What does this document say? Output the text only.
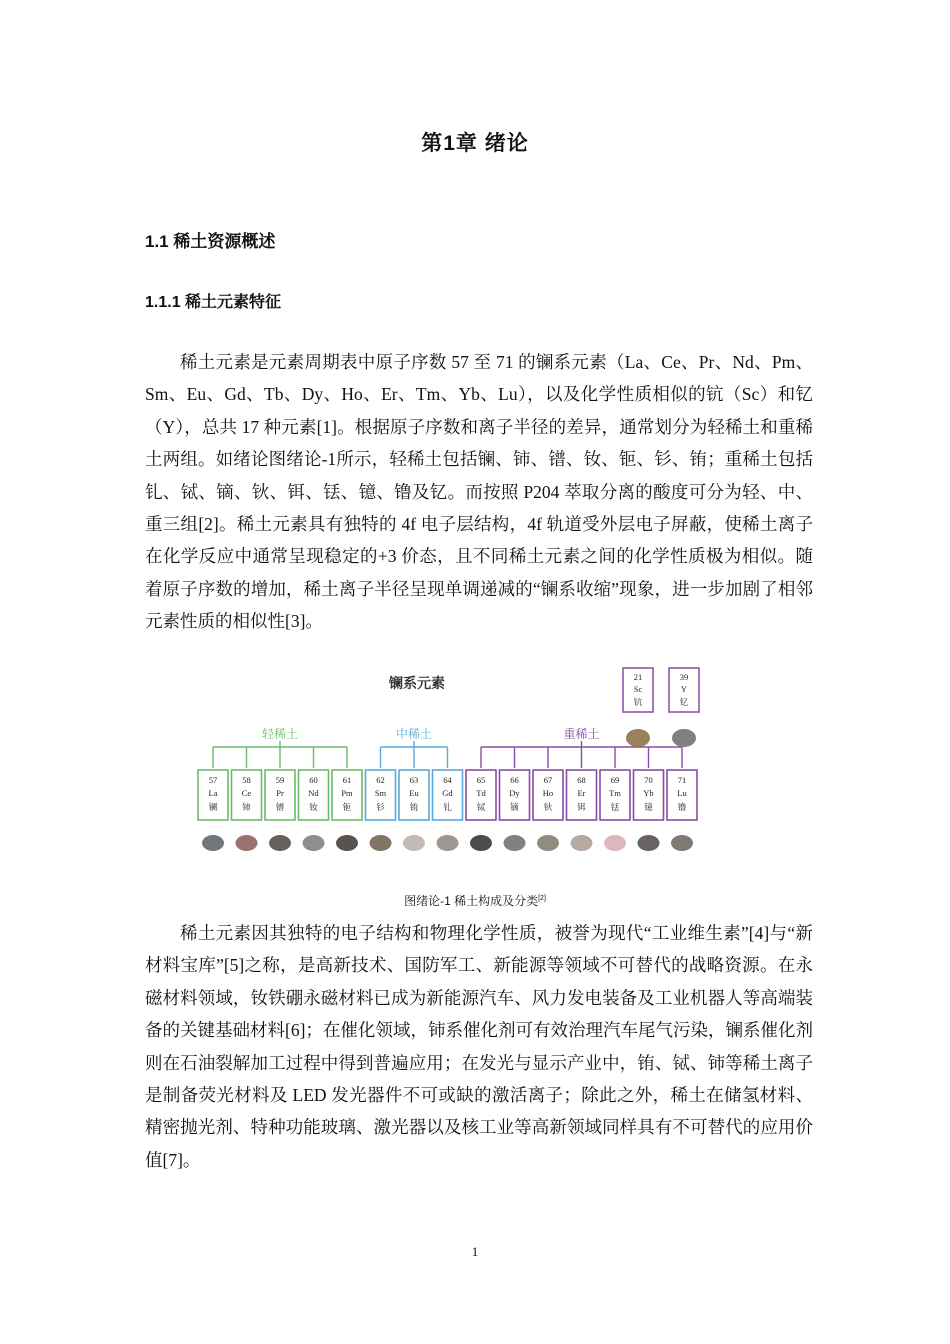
第1章 绪论
1.1 稀土资源概述
1.1.1 稀土元素特征

稀土元素是元素周期表中原子序数 57 至 71 的镧系元素（La、Ce、Pr、Nd、Pm、Sm、Eu、Gd、Tb、Dy、Ho、Er、Tm、Yb、Lu），以及化学性质相似的钪（Sc）和钇（Y），总共 17 种元素[1]。根据原子序数和离子半径的差异，通常划分为轻稀土和重稀土两组。如绪论图绪论-1所示，轻稀土包括镧、铈、镨、钕、钷、钐、铕；重稀土包括钆、铽、镝、钬、铒、铥、镱、镥及钇。而按照 P204 萃取分离的酸度可分为轻、中、重三组[2]。稀土元素具有独特的 4f 电子层结构，4f 轨道受外层电子屏蔽，使稀土离子在化学反应中通常呈现稳定的+3 价态，且不同稀土元素之间的化学性质极为相似。随着原子序数的增加，稀土离子半径呈现单调递减的“镧系收缩”现象，进一步加剧了相邻元素性质的相似性[3]。

镧系元素
57
La
镧
58
Ce
铈
59
Pr
镨
60
Nd
钕
61
Pm
钷
62
Sm
钐
63
Eu
铕
64
Gd
钆
65
Td
铽
66
Dy
镝
67
Ho
钬
68
Er
铒
69
Tm
铥
70
Yb
镱
71
Lu
镥
轻稀土	中稀土	重稀土
21
Sc
钪
39
Y
钇
图绪论-1 稀土构成及分类[2]

稀土元素因其独特的电子结构和物理化学性质，被誉为现代“工业维生素”[4]与“新材料宝库”[5]之称，是高新技术、国防军工、新能源等领域不可替代的战略资源。在永磁材料领域，钕铁硼永磁材料已成为新能源汽车、风力发电装备及工业机器人等高端装备的关键基础材料[6]；在催化领域，铈系催化剂可有效治理汽车尾气污染，镧系催化剂则在石油裂解加工过程中得到普遍应用；在发光与显示产业中，铕、铽、铈等稀土离子是制备荧光材料及 LED 发光器件不可或缺的激活离子；除此之外，稀土在储氢材料、精密抛光剂、特种功能玻璃、激光器以及核工业等高新领域同样具有不可替代的应用价值[7]。

1
